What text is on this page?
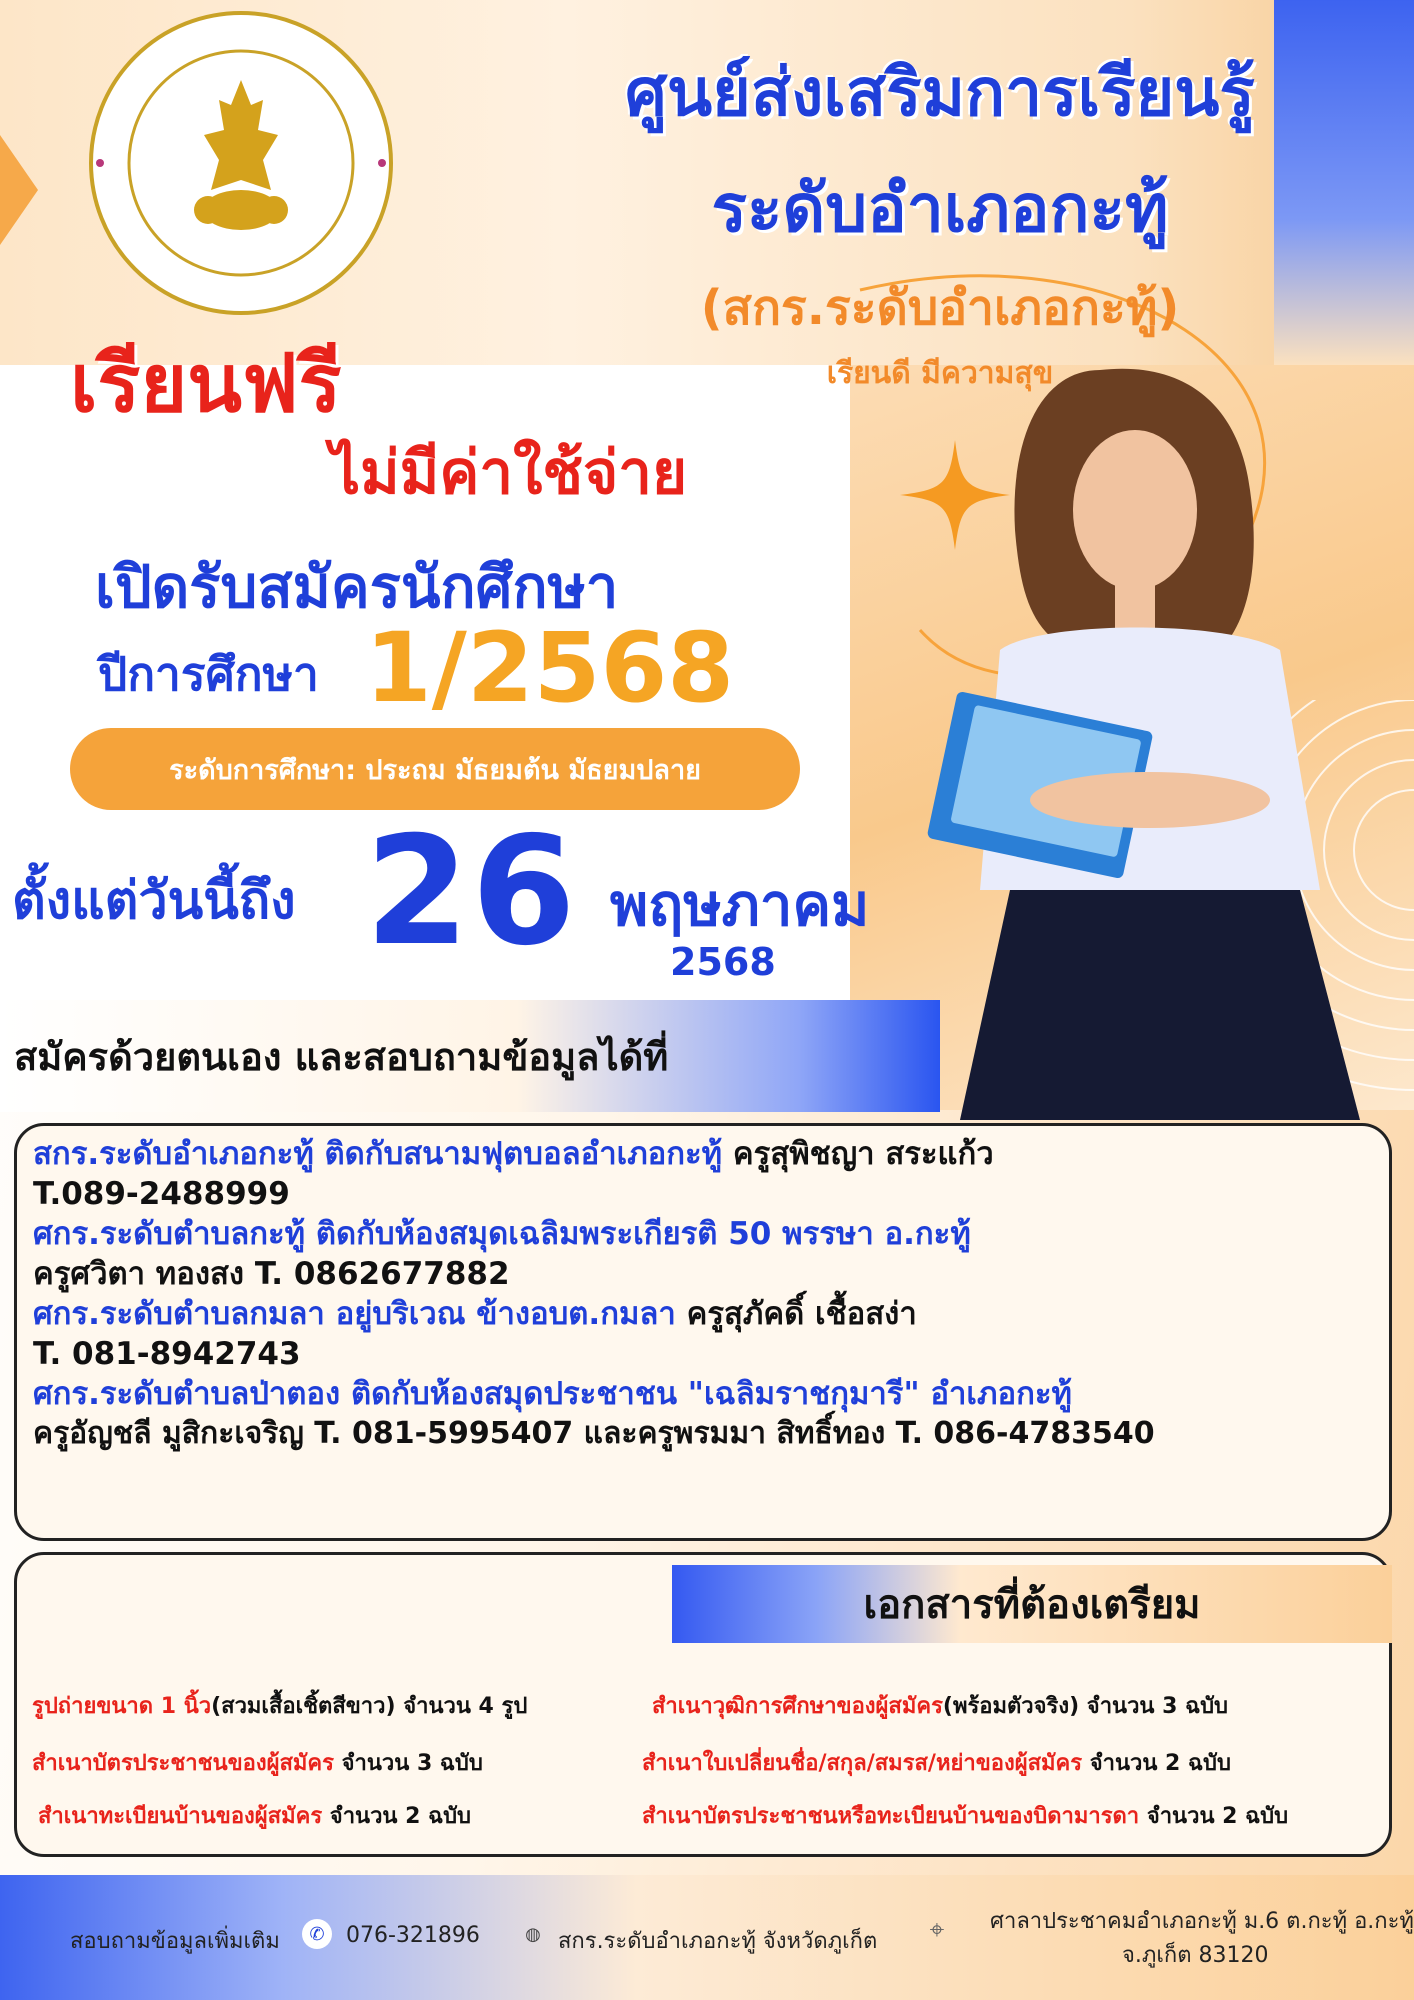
ศูนย์ส่งเสริมการเรียนรู้
ระดับอำเภอกะทู้
(สกร.ระดับอำเภอกะทู้)
เรียนดี มีความสุข
เรียนฟรี
ไม่มีค่าใช้จ่าย
เปิดรับสมัครนักศึกษา
ปีการศึกษา 1/2568
ระดับการศึกษา: ประถม มัธยมต้น มัธยมปลาย
ตั้งแต่วันนี้ถึง 26 พฤษภาคม
2568
สมัครด้วยตนเอง และสอบถามข้อมูลได้ที่
สกร.ระดับอำเภอกะทู้ ติดกับสนามฟุตบอลอำเภอกะทู้ ครูสุพิชญา สระแก้ว
T.089-2488999
ศกร.ระดับตำบลกะทู้ ติดกับห้องสมุดเฉลิมพระเกียรติ 50 พรรษา อ.กะทู้
ครูศวิตา ทองสง T. 0862677882
ศกร.ระดับตำบลกมลา อยู่บริเวณ ข้างอบต.กมลา ครูสุภัคดิ์ เชื้อสง่า
T. 081-8942743
ศกร.ระดับตำบลป่าตอง ติดกับห้องสมุดประชาชน "เฉลิมราชกุมารี" อำเภอกะทู้
ครูอัญชลี มูสิกะเจริญ T. 081-5995407 และครูพรมมา สิทธิ์ทอง T. 086-4783540
เอกสารที่ต้องเตรียม
รูปถ่ายขนาด 1 นิ้ว(สวมเสื้อเชิ้ตสีขาว) จำนวน 4 รูป
สำเนาบัตรประชาชนของผู้สมัคร จำนวน 3 ฉบับ
สำเนาทะเบียนบ้านของผู้สมัคร จำนวน 2 ฉบับ
สำเนาวุฒิการศึกษาของผู้สมัคร(พร้อมตัวจริง) จำนวน 3 ฉบับ
สำเนาใบเปลี่ยนชื่อ/สกุล/สมรส/หย่าของผู้สมัคร จำนวน 2 ฉบับ
สำเนาบัตรประชาชนหรือทะเบียนบ้านของบิดามารดา จำนวน 2 ฉบับ
สอบถามข้อมูลเพิ่มเติม	✆ 076-321896	◍ สกร.ระดับอำเภอกะทู้ จังหวัดภูเก็ต ⌖	ศาลาประชาคมอำเภอกะทู้ ม.6 ต.กะทู้ อ.กะทู้
จ.ภูเก็ต 83120
